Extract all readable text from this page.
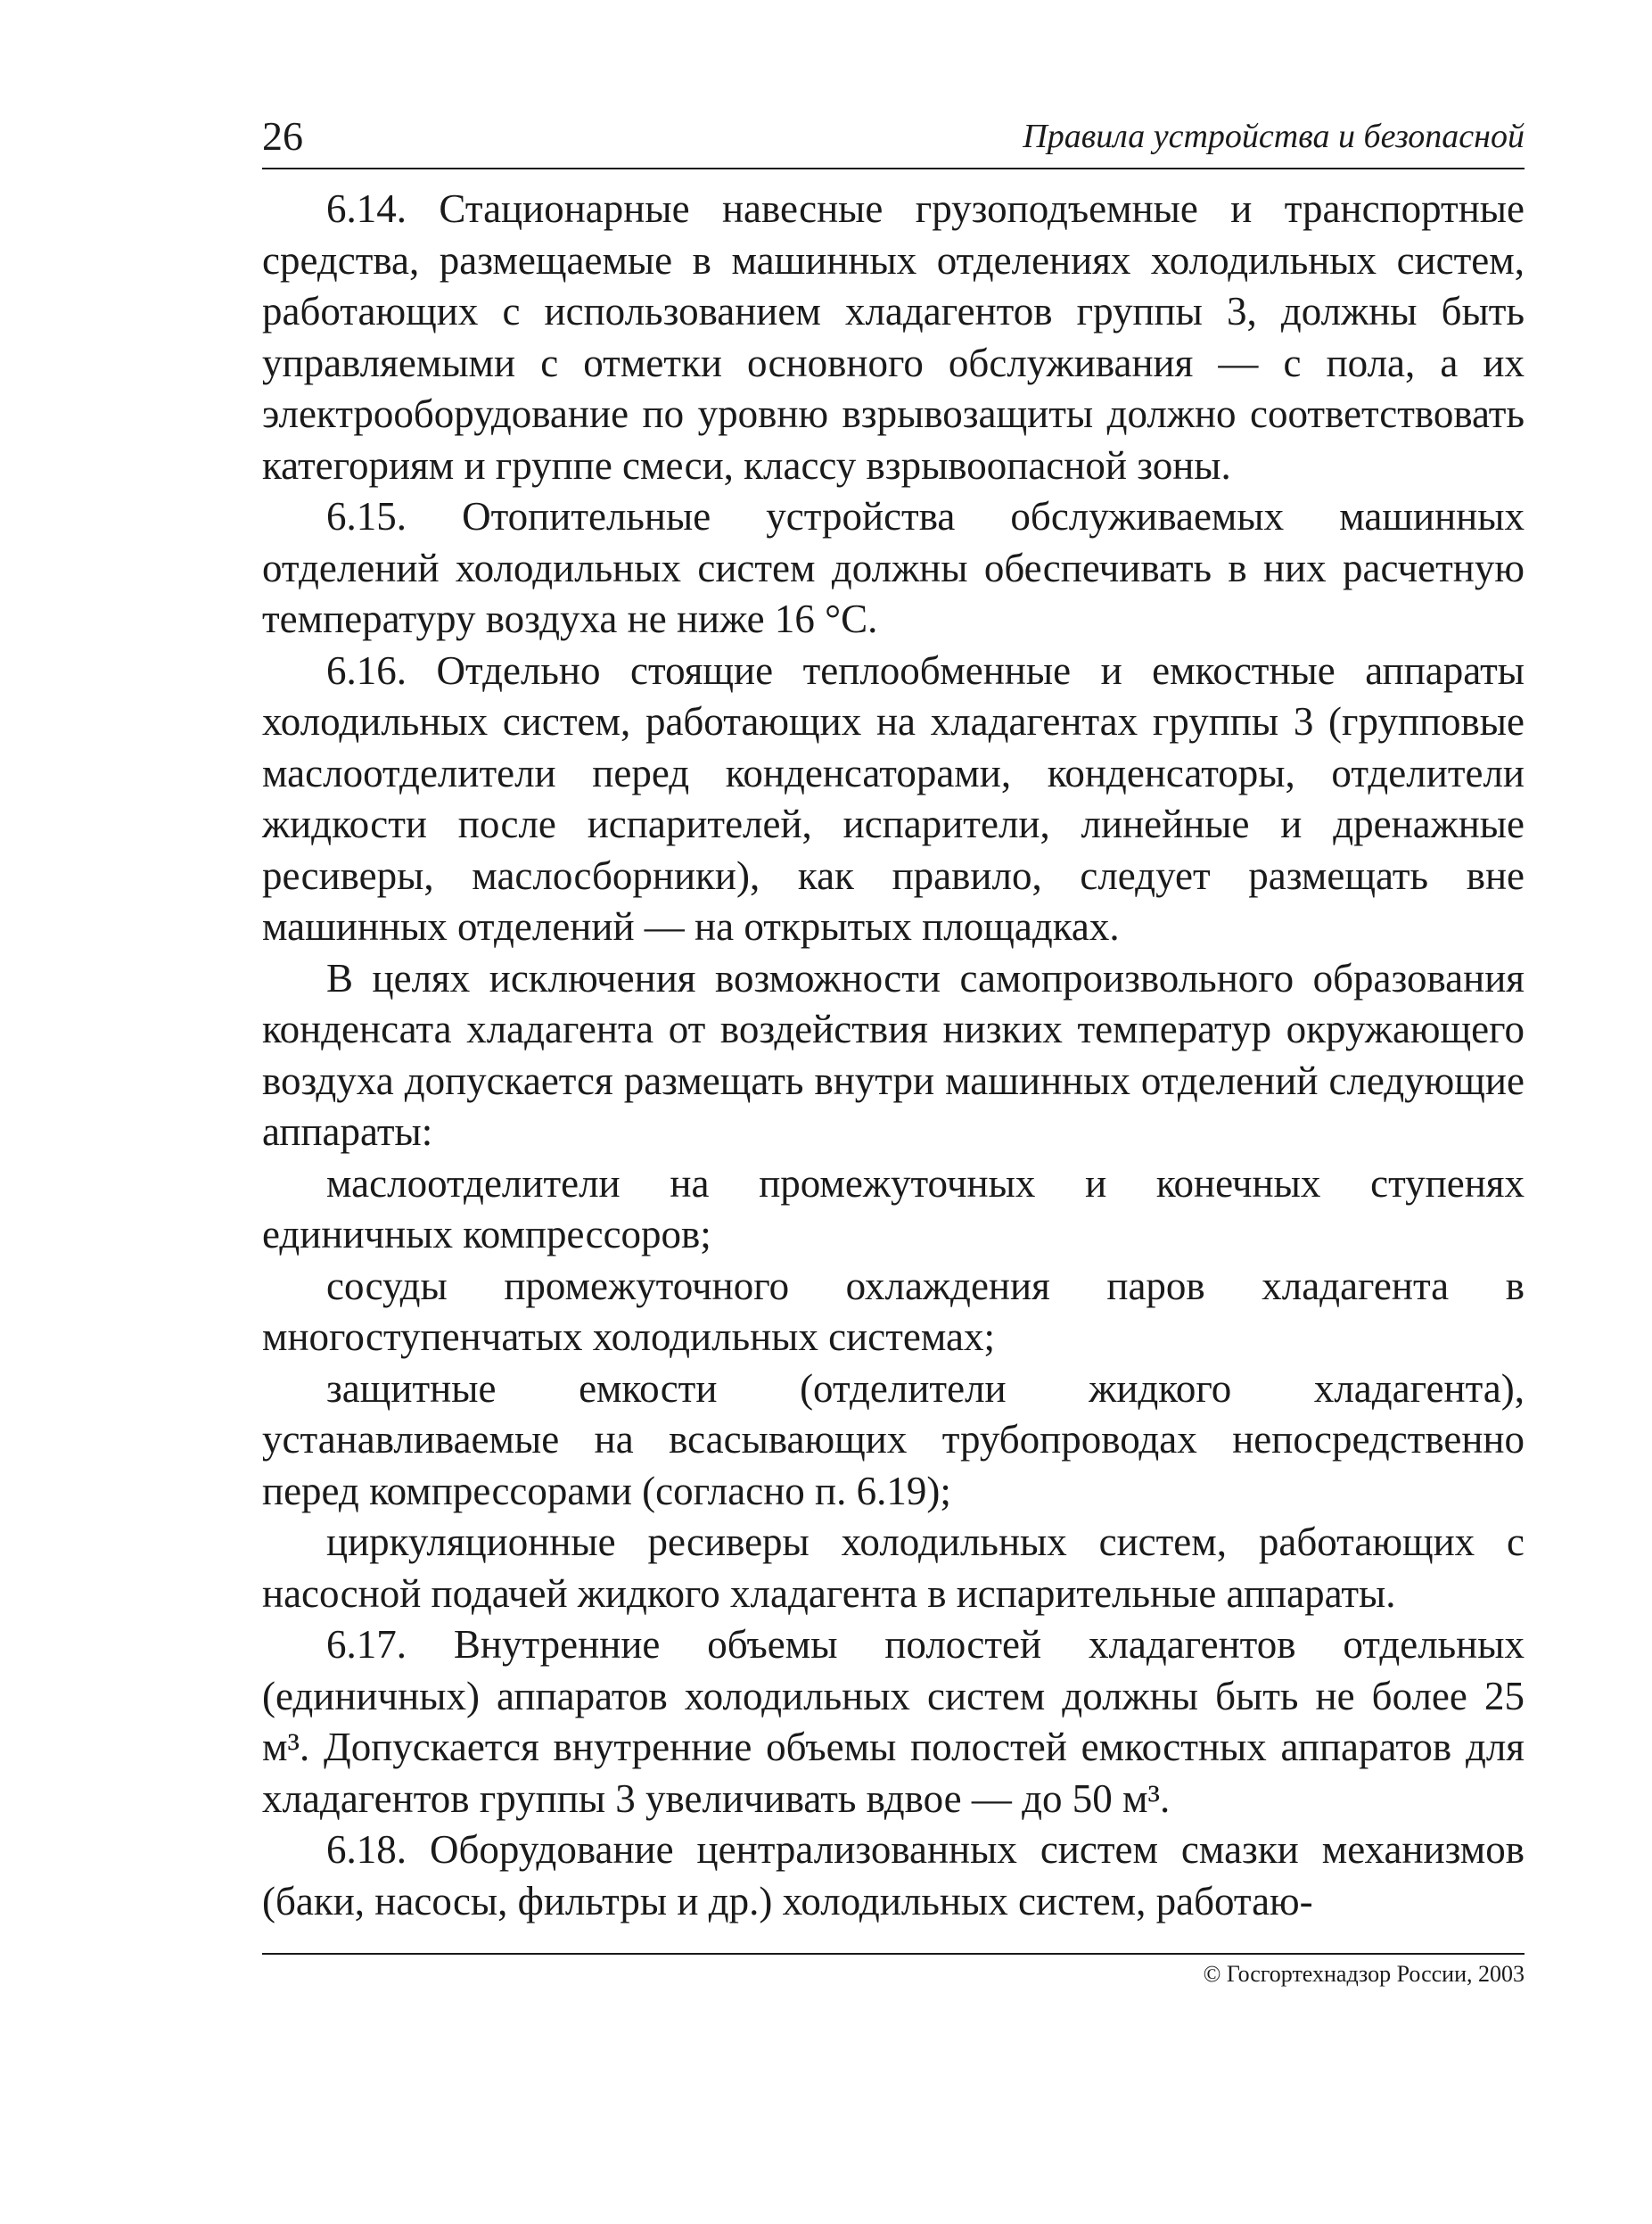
26	Правила устройства и безопасной

6.14. Стационарные навесные грузоподъемные и транспортные средства, размещаемые в машинных отделениях холодильных систем, работающих с использованием хладагентов группы 3, должны быть управляемыми с отметки основного обслуживания — с пола, а их электрооборудование по уровню взрывозащиты должно соответствовать категориям и группе смеси, классу взрывоопасной зоны.

6.15. Отопительные устройства обслуживаемых машинных отделений холодильных систем должны обеспечивать в них расчетную температуру воздуха не ниже 16 °C.

6.16. Отдельно стоящие теплообменные и емкостные аппараты холодильных систем, работающих на хладагентах группы 3 (групповые маслоотделители перед конденсаторами, конденсаторы, отделители жидкости после испарителей, испарители, линейные и дренажные ресиверы, маслосборники), как правило, следует размещать вне машинных отделений — на открытых площадках.

В целях исключения возможности самопроизвольного образования конденсата хладагента от воздействия низких температур окружающего воздуха допускается размещать внутри машинных отделений следующие аппараты:

маслоотделители на промежуточных и конечных ступенях единичных компрессоров;

сосуды промежуточного охлаждения паров хладагента в многоступенчатых холодильных системах;

защитные емкости (отделители жидкого хладагента), устанавливаемые на всасывающих трубопроводах непосредственно перед компрессорами (согласно п. 6.19);

циркуляционные ресиверы холодильных систем, работающих с насосной подачей жидкого хладагента в испарительные аппараты.

6.17. Внутренние объемы полостей хладагентов отдельных (единичных) аппаратов холодильных систем должны быть не более 25 м³. Допускается внутренние объемы полостей емкостных аппаратов для хладагентов группы 3 увеличивать вдвое — до 50 м³.

6.18. Оборудование централизованных систем смазки механизмов (баки, насосы, фильтры и др.) холодильных систем, работаю-

© Госгортехнадзор России, 2003
